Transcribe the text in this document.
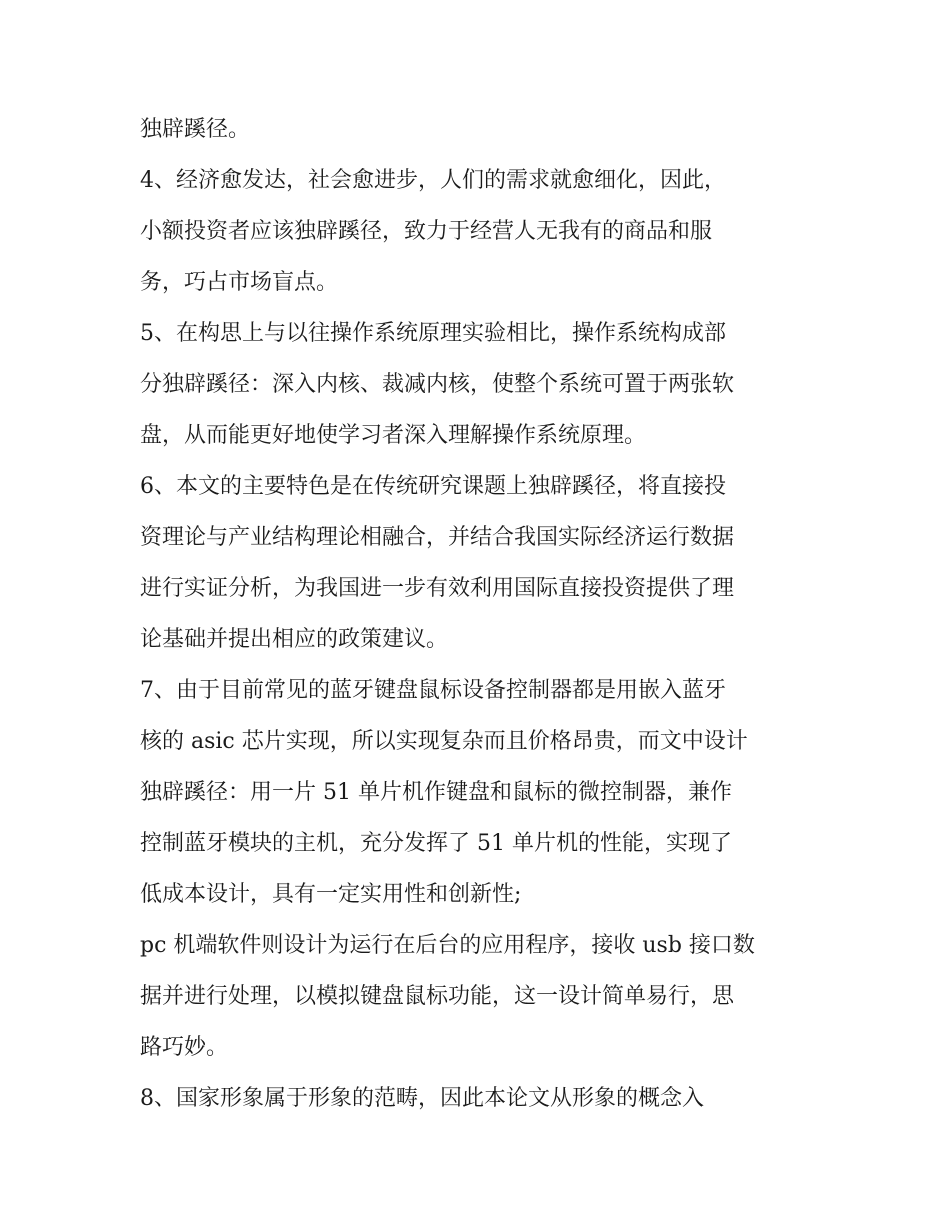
独辟蹊径。
4、经济愈发达，社会愈进步，人们的需求就愈细化，因此，
小额投资者应该独辟蹊径，致力于经营人无我有的商品和服
务，巧占市场盲点。
5、在构思上与以往操作系统原理实验相比，操作系统构成部
分独辟蹊径：深入内核、裁减内核，使整个系统可置于两张软
盘，从而能更好地使学习者深入理解操作系统原理。
6、本文的主要特色是在传统研究课题上独辟蹊径，将直接投
资理论与产业结构理论相融合，并结合我国实际经济运行数据
进行实证分析，为我国进一步有效利用国际直接投资提供了理
论基础并提出相应的政策建议。
7、由于目前常见的蓝牙键盘鼠标设备控制器都是用嵌入蓝牙
核的 asic 芯片实现，所以实现复杂而且价格昂贵，而文中设计
独辟蹊径：用一片 51 单片机作键盘和鼠标的微控制器，兼作
控制蓝牙模块的主机，充分发挥了 51 单片机的性能，实现了
低成本设计，具有一定实用性和创新性;
pc 机端软件则设计为运行在后台的应用程序，接收 usb 接口数
据并进行处理，以模拟键盘鼠标功能，这一设计简单易行，思
路巧妙。
8、国家形象属于形象的范畴，因此本论文从形象的概念入
